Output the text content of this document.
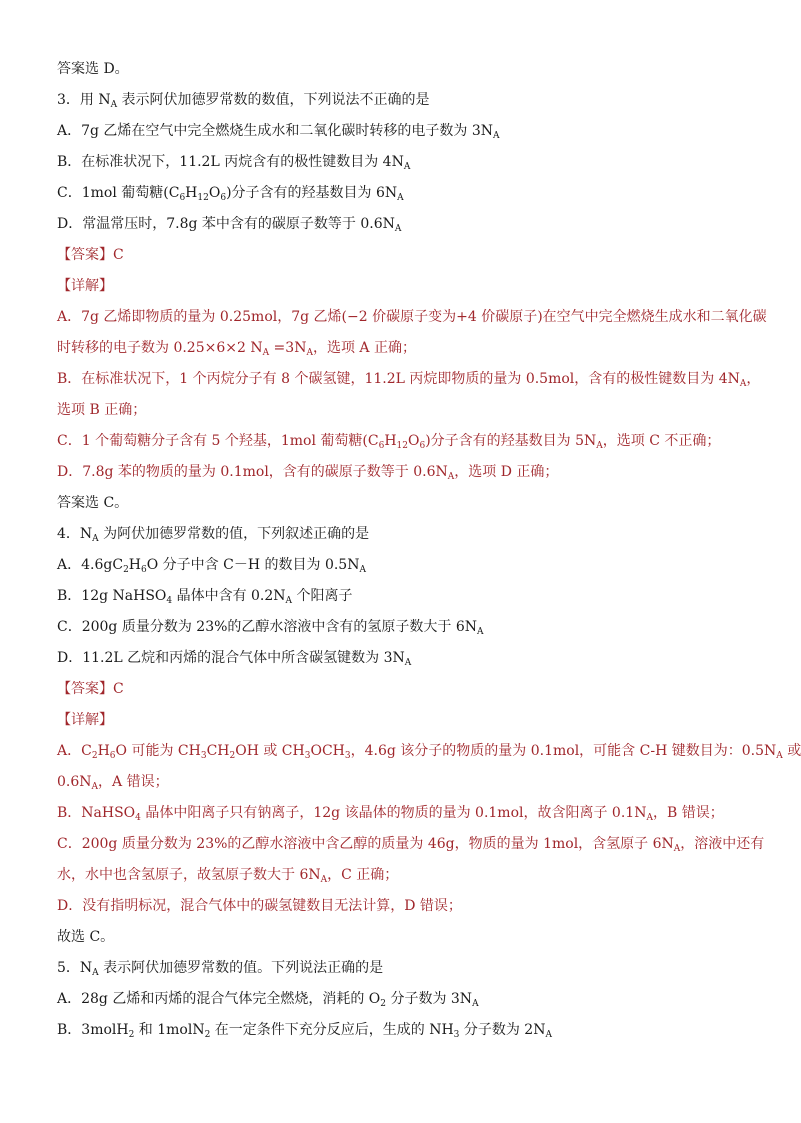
答案选 D。
3．用 $N_A$ 表示阿伏加德罗常数的数值，下列说法不正确的是
A．7g 乙烯在空气中完全燃烧生成水和二氧化碳时转移的电子数为 $3N_A$
B．在标准状况下，11.2L 丙烷含有的极性键数目为 $4N_A$
C．1mol 葡萄糖$(C_6H_{12}O_6)$分子含有的羟基数目为 $6N_A$
D．常温常压时，7.8g 苯中含有的碳原子数等于 $0.6N_A$
【答案】C
【详解】
A．7g 乙烯即物质的量为 0.25mol，7g 乙烯(−2 价碳原子变为+4 价碳原子)在空气中完全燃烧生成水和二氧化碳
时转移的电子数为 0.25×6×2 $N_A =3N_A$，选项 A 正确；
B．在标准状况下，1 个丙烷分子有 8 个碳氢键，11.2L 丙烷即物质的量为 0.5mol，含有的极性键数目为 $4N_A$，
选项 B 正确；
C．1 个葡萄糖分子含有 5 个羟基，1mol 葡萄糖$(C_6H_{12}O_6)$分子含有的羟基数目为 $5N_A$，选项 C 不正确；
D．7.8g 苯的物质的量为 0.1mol，含有的碳原子数等于 $0.6N_A$，选项 D 正确；
答案选 C。
4．$N_A$ 为阿伏加德罗常数的值，下列叙述正确的是
A．$4.6gC_2H_6O$ 分子中含 C－H 的数目为 $0.5N_A$
B．12g NaHSO$_4$ 晶体中含有 $0.2N_A$ 个阳离子
C．200g 质量分数为 23%的乙醇水溶液中含有的氢原子数大于 $6N_A$
D．11.2L 乙烷和丙烯的混合气体中所含碳氢键数为 $3N_A$
【答案】C
【详解】
A．$C_2H_6O$ 可能为 $CH_3CH_2OH$ 或 $CH_3OCH_3$，4.6g 该分子的物质的量为 0.1mol，可能含 C-H 键数目为：$0.5N_A$ 或
$0.6N_A$，A 错误；
B．NaHSO$_4$ 晶体中阳离子只有钠离子，12g 该晶体的物质的量为 0.1mol，故含阳离子 $0.1N_A$，B 错误；
C．200g 质量分数为 23%的乙醇水溶液中含乙醇的质量为 46g，物质的量为 1mol，含氢原子 $6N_A$，溶液中还有
水，水中也含氢原子，故氢原子数大于 $6N_A$，C 正确；
D．没有指明标况，混合气体中的碳氢键数目无法计算，D 错误；
故选 C。
5．$N_A$ 表示阿伏加德罗常数的值。下列说法正确的是
A．28g 乙烯和丙烯的混合气体完全燃烧，消耗的 $O_2$ 分子数为 $3N_A$
B．3molH$_2$ 和 1molN$_2$ 在一定条件下充分反应后，生成的 $NH_3$ 分子数为 $2N_A$
